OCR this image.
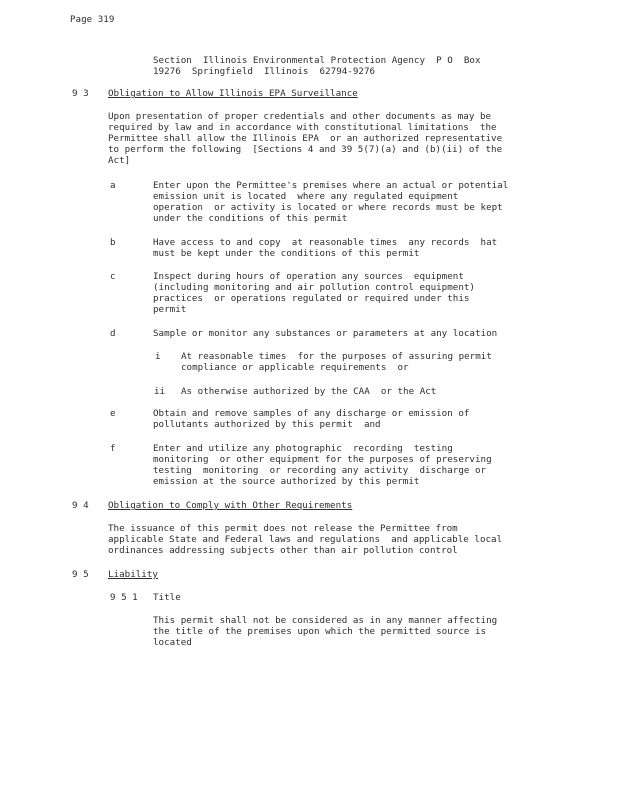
Page 319
Section  Illinois Environmental Protection Agency  P O  Box
19276  Springfield  Illinois  62794-9276
9 3 Obligation to Allow Illinois EPA Surveillance
Upon presentation of proper credentials and other documents as may be
required by law and in accordance with constitutional limitations  the
Permittee shall allow the Illinois EPA  or an authorized representative
to perform the following  [Sections 4 and 39 5(7)(a) and (b)(ii) of the
Act]
a	Enter upon the Permittee's premises where an actual or potential
emission unit is located  where any regulated equipment
operation  or activity is located or where records must be kept
under the conditions of this permit
b	Have access to and copy  at reasonable times  any records  hat
must be kept under the conditions of this permit
c	Inspect during hours of operation any sources  equipment
(including monitoring and air pollution control equipment)
practices  or operations regulated or required under this
permit
d	Sample or monitor any substances or parameters at any location
i At reasonable times  for the purposes of assuring permit
compliance or applicable requirements  or
ii As otherwise authorized by the CAA  or the Act
e	Obtain and remove samples of any discharge or emission of
pollutants authorized by this permit  and
f	Enter and utilize any photographic  recording  testing
monitoring  or other equipment for the purposes of preserving
testing  monitoring  or recording any activity  discharge or
emission at the source authorized by this permit
9 4 Obligation to Comply with Other Requirements
The issuance of this permit does not release the Permittee from
applicable State and Federal laws and regulations  and applicable local
ordinances addressing subjects other than air pollution control
9 5 Liability
9 5 1 Title
This permit shall not be considered as in any manner affecting
the title of the premises upon which the permitted source is
located
